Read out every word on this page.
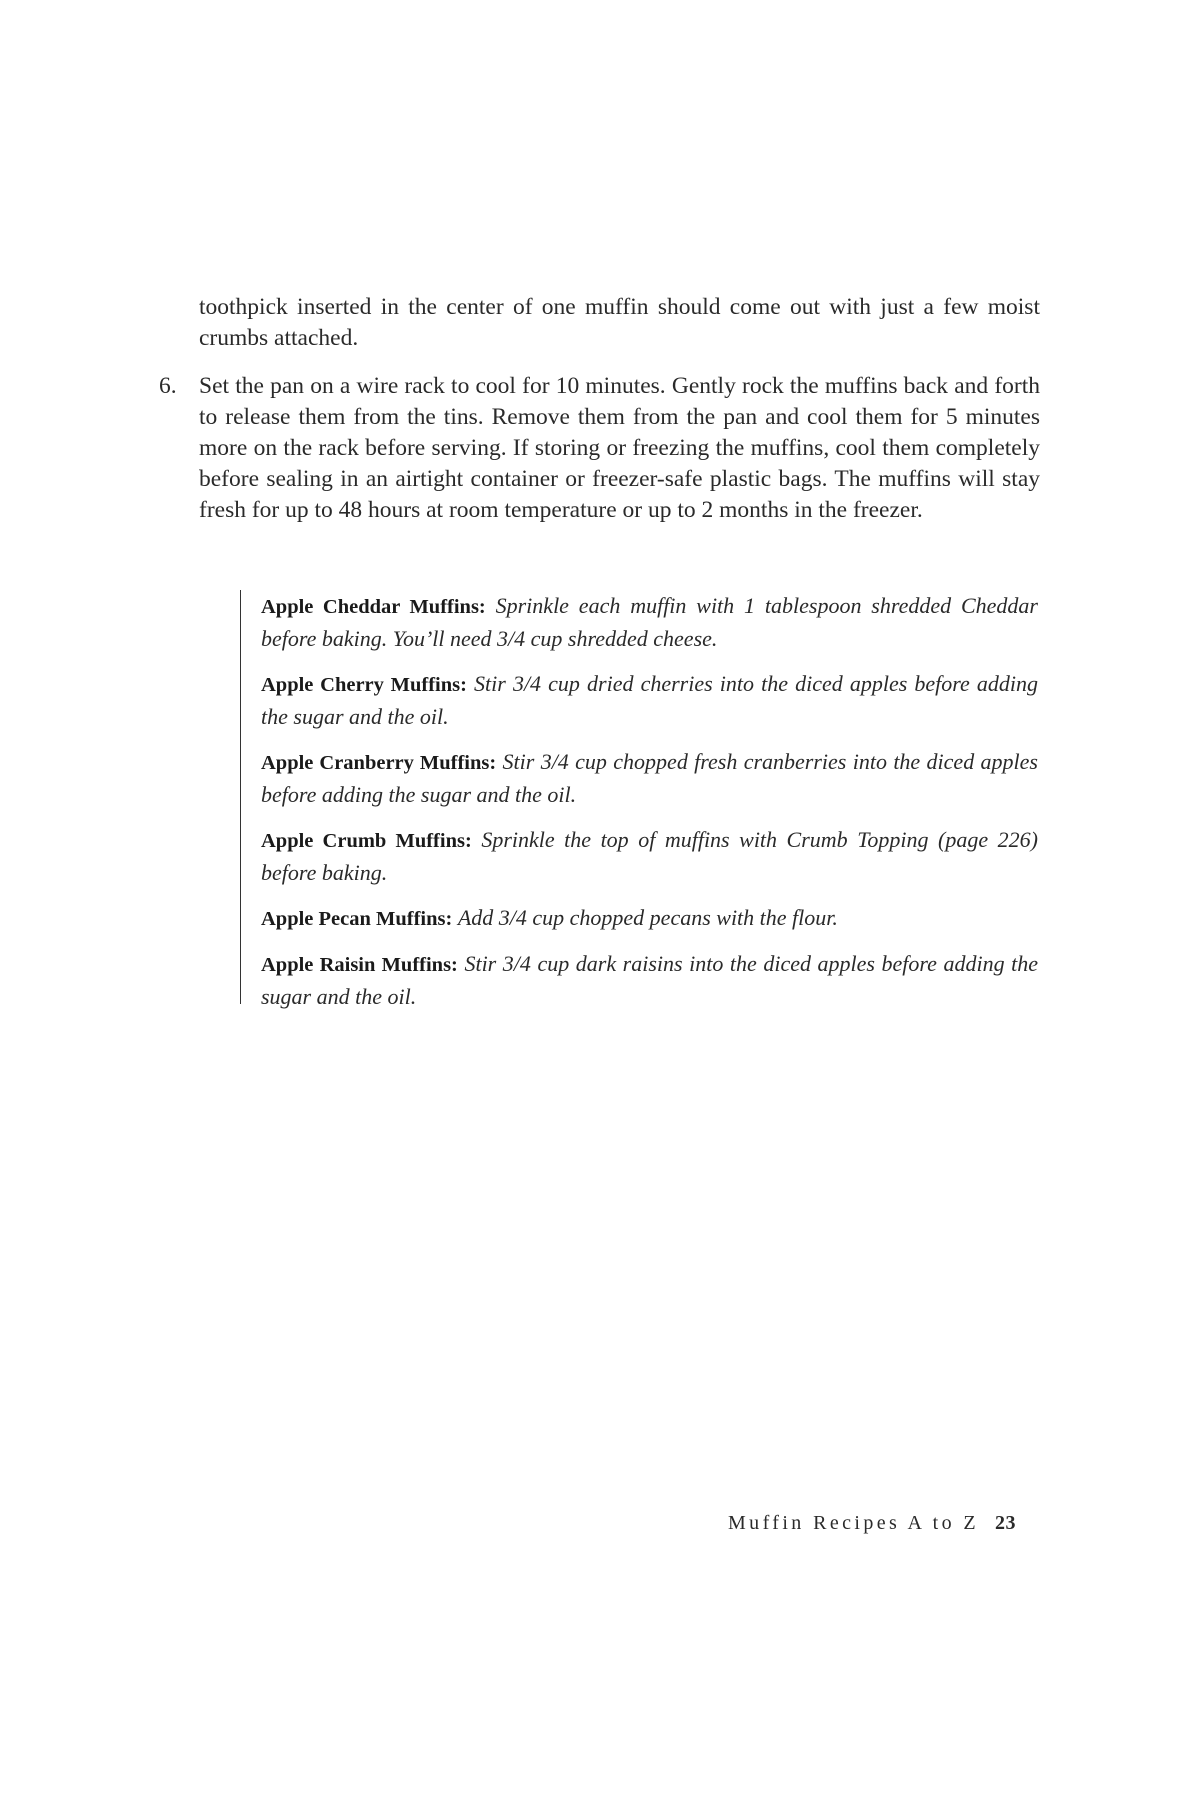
toothpick inserted in the center of one muffin should come out with just a few moist crumbs attached.

6. Set the pan on a wire rack to cool for 10 minutes. Gently rock the muffins back and forth to release them from the tins. Remove them from the pan and cool them for 5 minutes more on the rack before serving. If storing or freezing the muffins, cool them completely before sealing in an airtight container or freezer-safe plastic bags. The muffins will stay fresh for up to 48 hours at room temperature or up to 2 months in the freezer.

Apple Cheddar Muffins: Sprinkle each muffin with 1 tablespoon shredded Cheddar before baking. You’ll need 3/4 cup shredded cheese.

Apple Cherry Muffins: Stir 3/4 cup dried cherries into the diced apples before adding the sugar and the oil.

Apple Cranberry Muffins: Stir 3/4 cup chopped fresh cranberries into the diced apples before adding the sugar and the oil.

Apple Crumb Muffins: Sprinkle the top of muffins with Crumb Topping (page 226) before baking.

Apple Pecan Muffins: Add 3/4 cup chopped pecans with the flour.

Apple Raisin Muffins: Stir 3/4 cup dark raisins into the diced apples before adding the sugar and the oil.

Muffin Recipes A to Z 23
